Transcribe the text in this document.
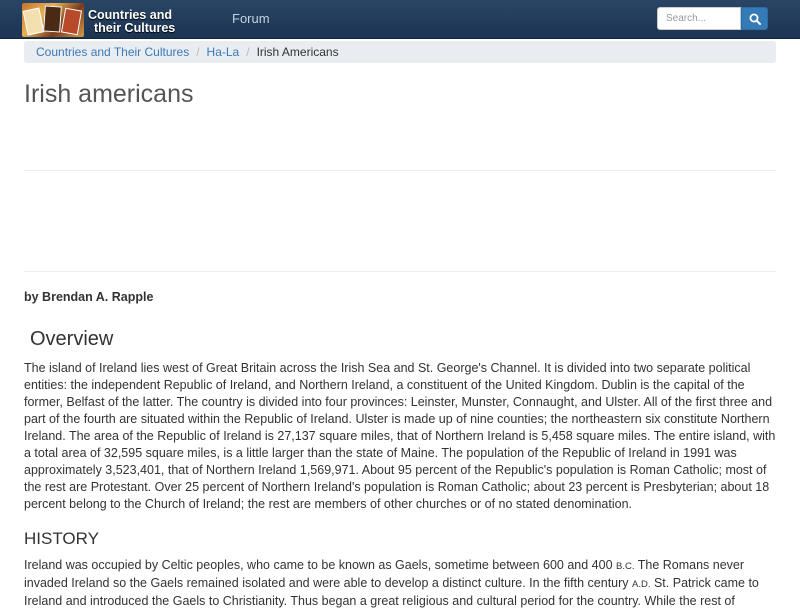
Countries and
their Cultures
Forum
Search...
Countries and Their Cultures / Ha-La / Irish Americans
Irish americans
by Brendan A. Rapple
Overview

The island of Ireland lies west of Great Britain across the Irish Sea and St. George's Channel. It is divided into two separate political entities: the independent Republic of Ireland, and Northern Ireland, a constituent of the United Kingdom. Dublin is the capital of the former, Belfast of the latter. The country is divided into four provinces: Leinster, Munster, Connaught, and Ulster. All of the first three and part of the fourth are situated within the Republic of Ireland. Ulster is made up of nine counties; the northeastern six constitute Northern Ireland. The area of the Republic of Ireland is 27,137 square miles, that of Northern Ireland is 5,458 square miles. The entire island, with a total area of 32,595 square miles, is a little larger than the state of Maine. The population of the Republic of Ireland in 1991 was approximately 3,523,401, that of Northern Ireland 1,569,971. About 95 percent of the Republic's population is Roman Catholic; most of the rest are Protestant. Over 25 percent of Northern Ireland's population is Roman Catholic; about 23 percent is Presbyterian; about 18 percent belong to the Church of Ireland; the rest are members of other churches or of no stated denomination.

HISTORY

Ireland was occupied by Celtic peoples, who came to be known as Gaels, sometime between 600 and 400 B.C. The Romans never invaded Ireland so the Gaels remained isolated and were able to develop a distinct culture. In the fifth century A.D. St. Patrick came to Ireland and introduced the Gaels to Christianity. Thus began a great religious and cultural period for the country. While the rest of
